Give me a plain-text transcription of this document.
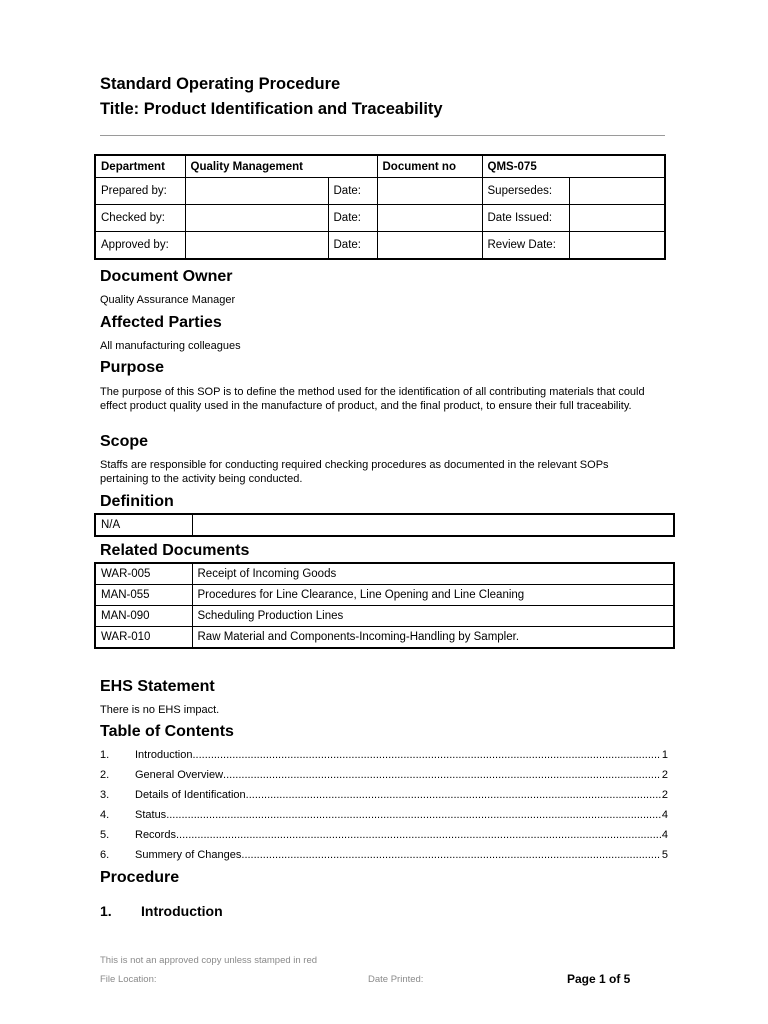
Standard Operating Procedure
Title: Product Identification and Traceability
Department	Quality Management		Document no	QMS-075	
Prepared by:		Date:		Supersedes:	
Checked by:		Date:		Date Issued:	
Approved by:		Date:		Review Date:	
Document Owner

Quality Assurance Manager

Affected Parties

All manufacturing colleagues

Purpose

The purpose of this SOP is to define the method used for the identification of all contributing materials that could effect product quality used in the manufacture of product, and the final product, to ensure their full traceability.

Scope

Staffs are responsible for conducting required checking procedures as documented in the relevant SOPs pertaining to the activity being conducted.

Definition
N/A	
Related Documents
WAR-005	Receipt of Incoming Goods
MAN-055	Procedures for Line Clearance, Line Opening and Line Cleaning
MAN-090	Scheduling Production Lines
WAR-010	Raw Material and Components-Incoming-Handling by Sampler.
EHS Statement

There is no EHS impact.

Table of Contents
1.	Introduction .....	1
2.	General Overview .....	2
3.	Details of Identification .....	2
4.	Status .....	4
5.	Records .....	4
6.	Summery of Changes .....	5
Procedure

1. Introduction

This is not an approved copy unless stamped in red

File Location:	Date Printed:	Page 1 of 5
